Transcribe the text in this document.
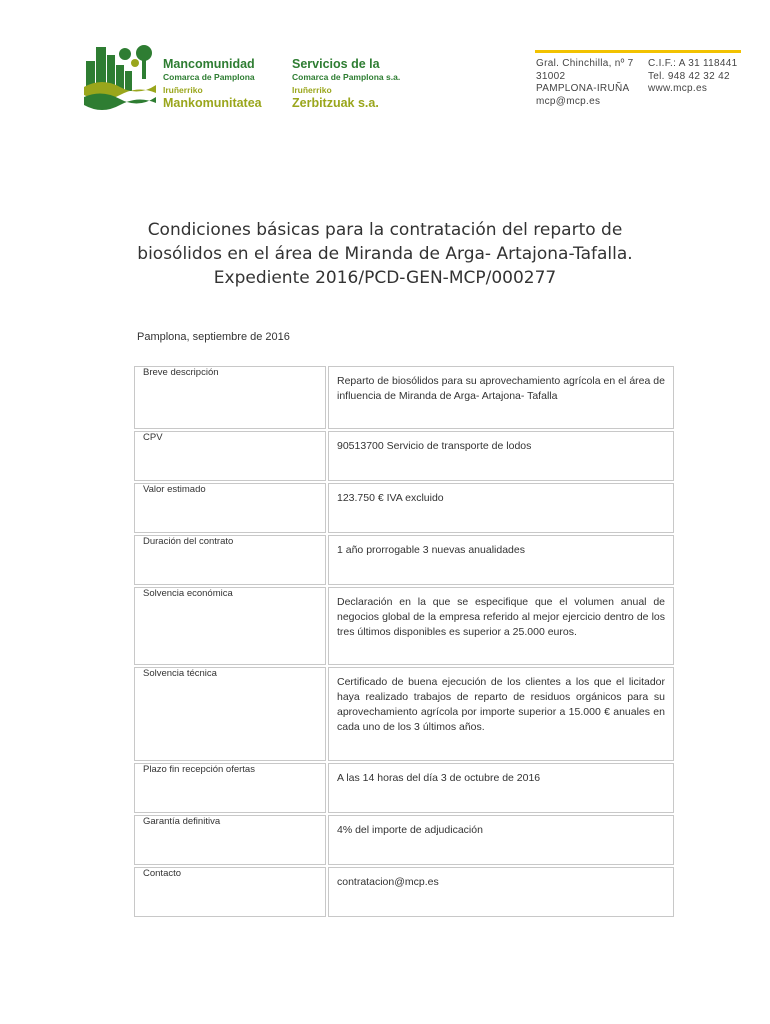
Mancomunidad
Comarca de Pamplona
Iruñerriko
Mankomunitatea
Servicios de la
Comarca de Pamplona s.a.
Iruñerriko
Zerbitzuak s.a.
Gral. Chinchilla, nº 7
31002
PAMPLONA-IRUÑA
mcp@mcp.es
C.I.F.: A 31 118441
Tel. 948 42 32 42
www.mcp.es
Condiciones básicas para la contratación del reparto de
biosólidos en el área de Miranda de Arga- Artajona-Tafalla.
Expediente 2016/PCD-GEN-MCP/000277
Pamplona, septiembre de 2016
Breve descripción	Reparto de biosólidos para su aprovechamiento agrícola en el área de influencia de Miranda de Arga- Artajona- Tafalla
CPV	90513700 Servicio de transporte de lodos
Valor estimado	123.750 € IVA excluido
Duración del contrato	1 año prorrogable 3 nuevas anualidades
Solvencia económica	Declaración en la que se especifique que el volumen anual de negocios global de la empresa referido al mejor ejercicio dentro de los tres últimos disponibles es superior a 25.000 euros.
Solvencia técnica	Certificado de buena ejecución de los clientes a los que el licitador haya realizado trabajos de reparto de residuos orgánicos para su aprovechamiento agrícola por importe superior a 15.000 € anuales en cada uno de los 3 últimos años.
Plazo fin recepción ofertas	A las 14 horas del día 3 de octubre de 2016
Garantía definitiva	4% del importe de adjudicación
Contacto	contratacion@mcp.es
